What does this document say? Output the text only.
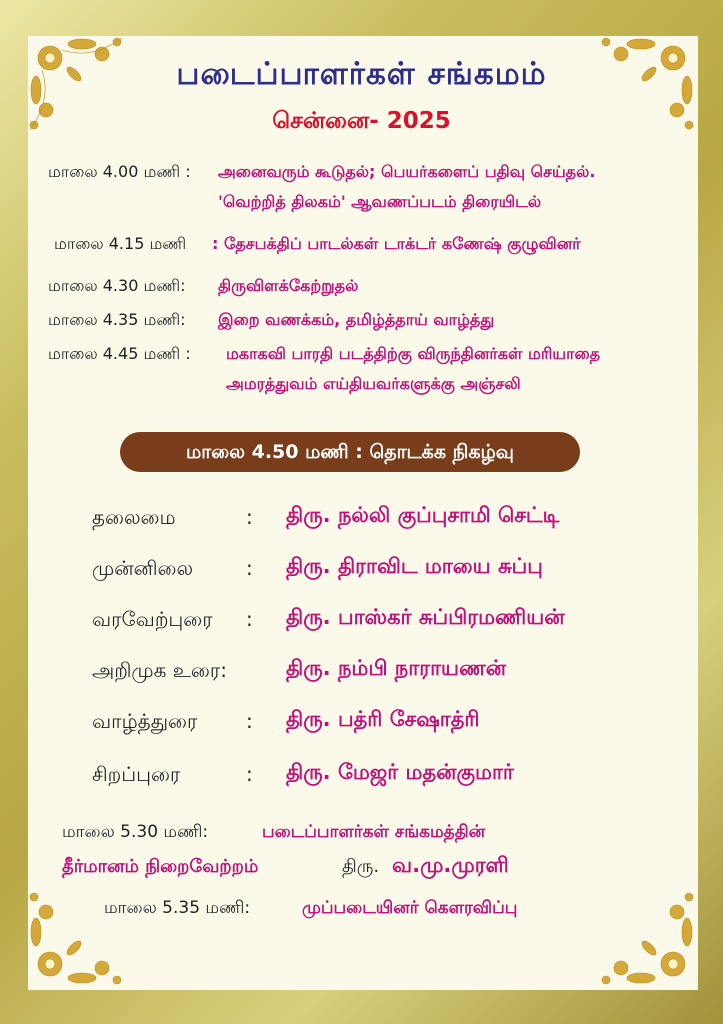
படைப்பாளர்கள் சங்கமம்
சென்னை- 2025
மாலை 4.00 மணி : அனைவரும் கூடுதல்; பெயர்களைப் பதிவு செய்தல்.
'வெற்றித் திலகம்' ஆவணப்படம் திரையிடல்
மாலை 4.15 மணி : தேசபக்திப் பாடல்கள் டாக்டர் கணேஷ் குழுவினர்
மாலை 4.30 மணி: திருவிளக்கேற்றுதல்
மாலை 4.35 மணி: இறை வணக்கம், தமிழ்த்தாய் வாழ்த்து
மாலை 4.45 மணி : மகாகவி பாரதி படத்திற்கு விருந்தினர்கள் மரியாதை
அமரத்துவம் எய்தியவர்களுக்கு அஞ்சலி
மாலை 4.50 மணி : தொடக்க நிகழ்வு
தலைமை	: திரு. நல்லி குப்புசாமி செட்டி
முன்னிலை	: திரு. திராவிட மாயை சுப்பு
வரவேற்புரை : திரு. பாஸ்கர் சுப்பிரமணியன்
அறிமுக உரை:	திரு. நம்பி நாராயணன்
வாழ்த்துரை : திரு. பத்ரி சேஷாத்ரி
சிறப்புரை	: திரு. மேஜர் மதன்குமார்
மாலை 5.30 மணி:	படைப்பாளர்கள் சங்கமத்தின்
தீர்மானம் நிறைவேற்றம்	திரு. வ.மு.முரளி
மாலை 5.35 மணி:	முப்படையினர் கௌரவிப்பு
